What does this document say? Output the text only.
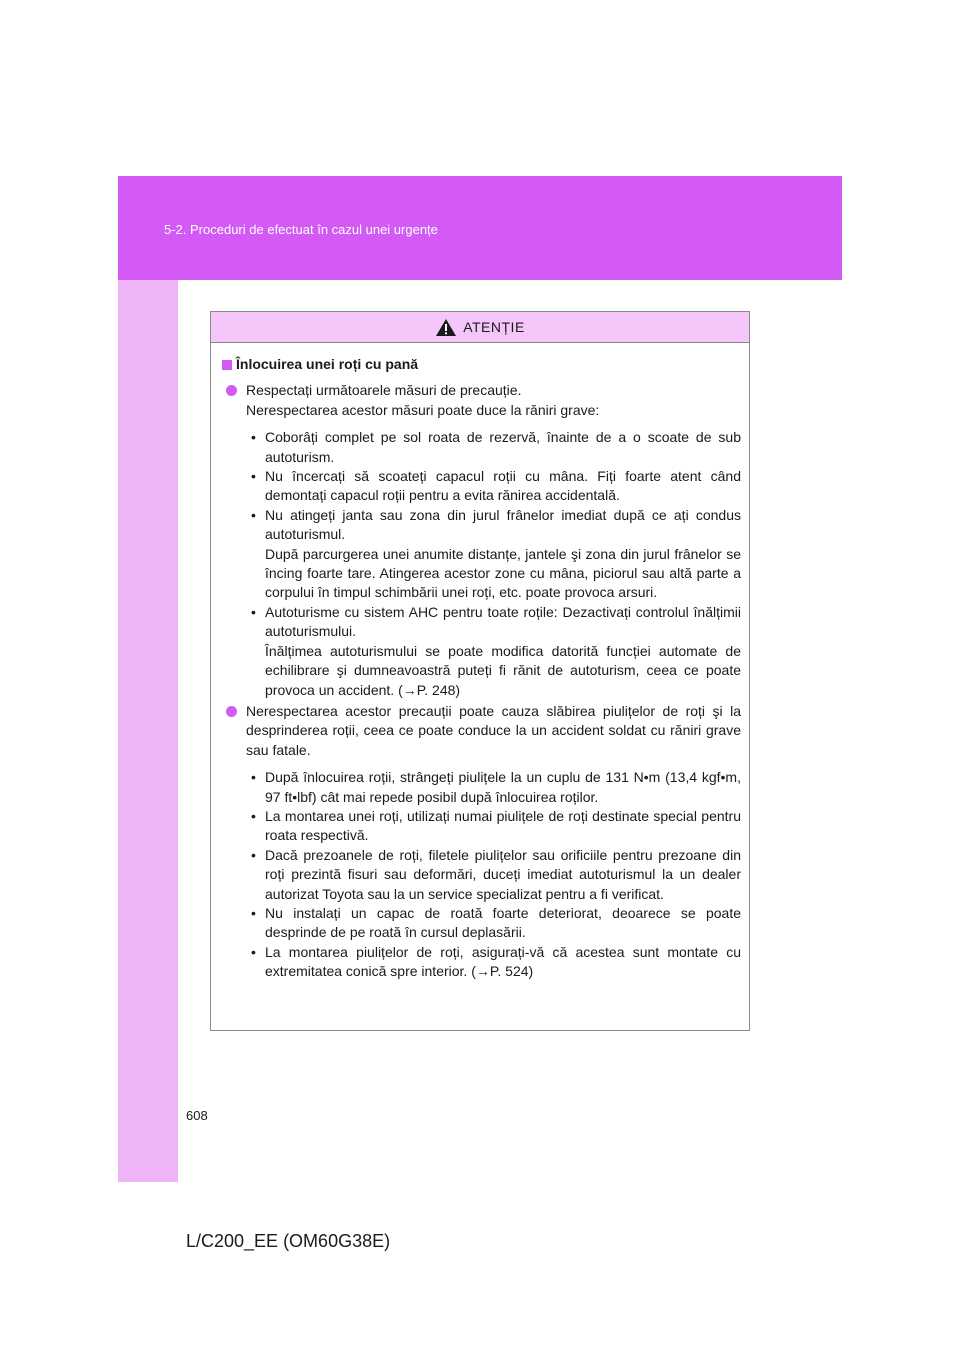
5-2. Proceduri de efectuat în cazul unei urgențe
ATENȚIE
Înlocuirea unei roți cu pană
Respectați următoarele măsuri de precauție.
Nerespectarea acestor măsuri poate duce la răniri grave:
• Coborâți complet pe sol roata de rezervă, înainte de a o scoate de sub autoturism.
• Nu încercați să scoateți capacul roții cu mâna. Fiți foarte atent când demontați capacul roții pentru a evita rănirea accidentală.
• Nu atingeți janta sau zona din jurul frânelor imediat după ce ați condus autoturismul.
După parcurgerea unei anumite distanțe, jantele şi zona din jurul frânelor se încing foarte tare. Atingerea acestor zone cu mâna, piciorul sau altă parte a corpului în timpul schimbării unei roți, etc. poate provoca arsuri.
• Autoturisme cu sistem AHC pentru toate roțile: Dezactivați controlul înălțimii autoturismului.
Înălțimea autoturismului se poate modifica datorită funcției automate de echilibrare şi dumneavoastră puteți fi rănit de autoturism, ceea ce poate provoca un accident. (→P. 248)
Nerespectarea acestor precauții poate cauza slăbirea piulițelor de roți şi la desprinderea roții, ceea ce poate conduce la un accident soldat cu răniri grave sau fatale.
• După înlocuirea roții, strângeți piulițele la un cuplu de 131 N•m (13,4 kgf•m, 97 ft•lbf) cât mai repede posibil după înlocuirea roților.
• La montarea unei roți, utilizați numai piulițele de roți destinate special pentru roata respectivă.
• Dacă prezoanele de roți, filetele piulițelor sau orificiile pentru prezoane din roți prezintă fisuri sau deformări, duceți imediat autoturismul la un dealer autorizat Toyota sau la un service specializat pentru a fi verificat.
• Nu instalați un capac de roată foarte deteriorat, deoarece se poate desprinde de pe roată în cursul deplasării.
• La montarea piulițelor de roți, asigurați-vă că acestea sunt montate cu extremitatea conică spre interior. (→P. 524)
608
L/C200_EE (OM60G38E)
